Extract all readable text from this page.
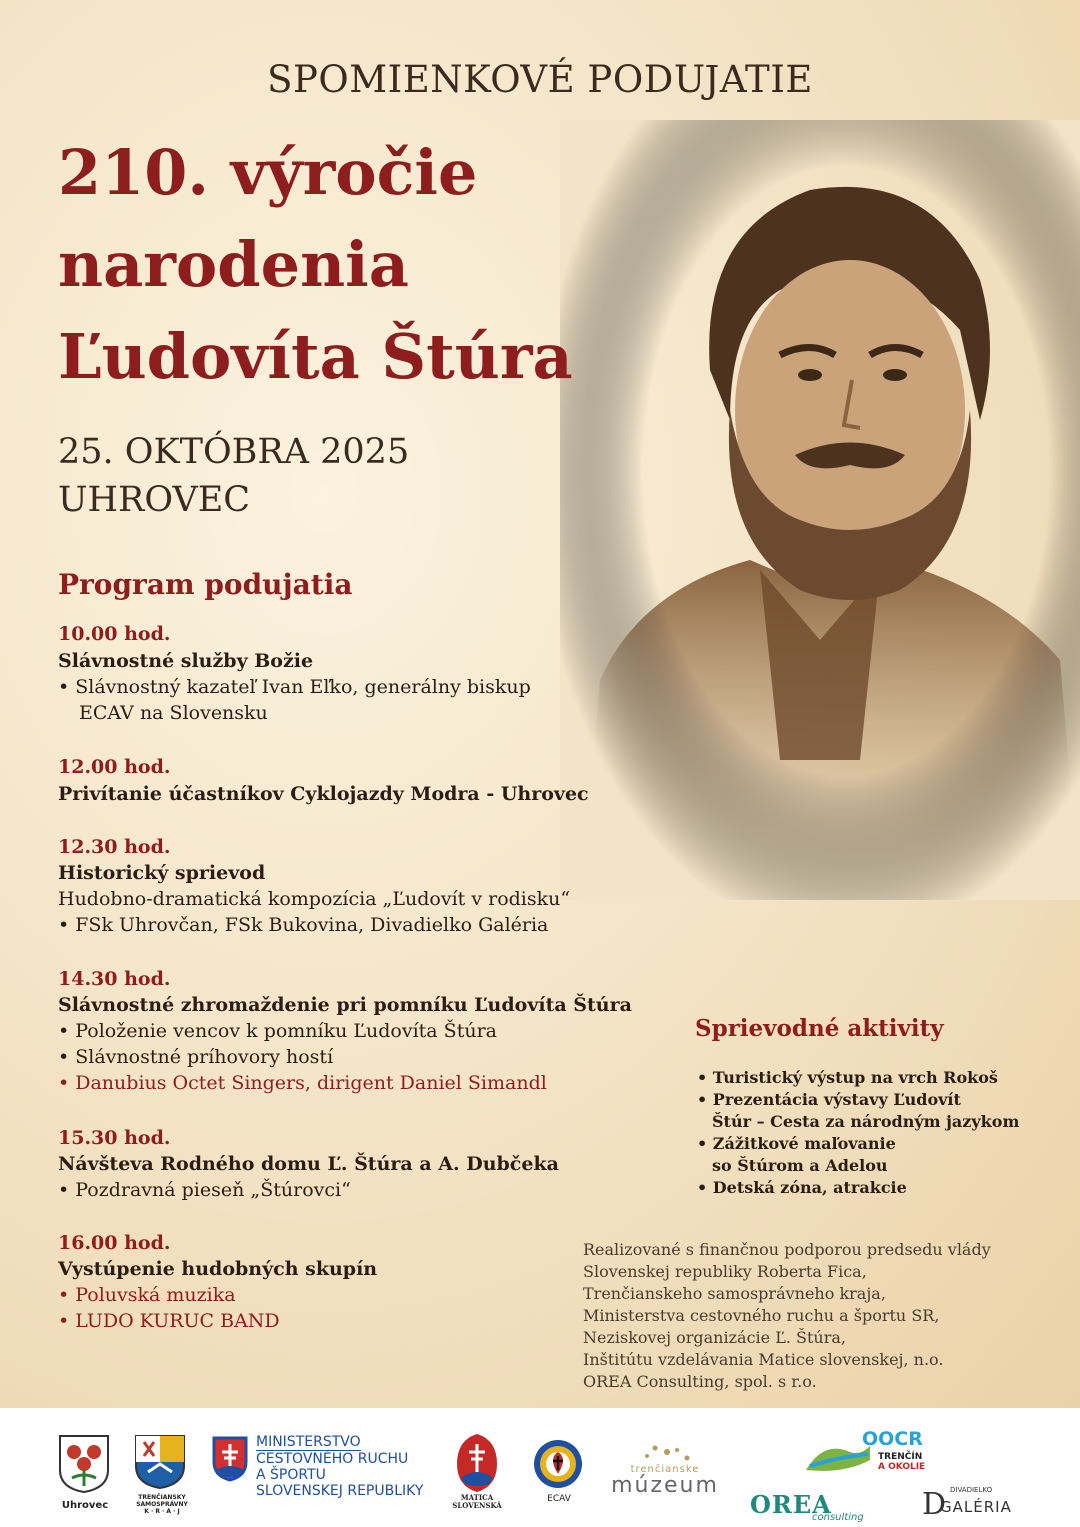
SPOMIENKOVÉ PODUJATIE

210. výročie

narodenia

Ľudovíta Štúra

25. OKTÓBRA 2025

UHROVEC

Program podujatia

10.00 hod.

Slávnostné služby Božie

• Slávnostný kazateľ Ivan Eľko, generálny biskup

ECAV na Slovensku

12.00 hod.

Privítanie účastníkov Cyklojazdy Modra - Uhrovec

12.30 hod.

Historický sprievod

Hudobno-dramatická kompozícia „Ľudovít v rodisku“

• FSk Uhrovčan, FSk Bukovina, Divadielko Galéria

14.30 hod.

Slávnostné zhromaždenie pri pomníku Ľudovíta Štúra

• Položenie vencov k pomníku Ľudovíta Štúra

• Slávnostné príhovory hostí

• Danubius Octet Singers, dirigent Daniel Simandl

15.30 hod.

Návšteva Rodného domu Ľ. Štúra a A. Dubčeka

• Pozdravná pieseň „Štúrovci“

16.00 hod.

Vystúpenie hudobných skupín

• Poluvská muzika

• LUDO KURUC BAND

Sprievodné aktivity

• Turistický výstup na vrch Rokoš

• Prezentácia výstavy Ľudovít

Štúr – Cesta za národným jazykom

• Zážitkové maľovanie

so Štúrom a Adelou

• Detská zóna, atrakcie

Realizované s finančnou podporou predsedu vlády

Slovenskej republiky Roberta Fica,

Trenčianskeho samosprávneho kraja,

Ministerstva cestovného ruchu a športu SR,

Neziskovej organizácie Ľ. Štúra,

Inštitútu vzdelávania Matice slovenskej, n.o.

OREA Consulting, spol. s r.o.

Uhrovec
TRENČIANSKY
SAMOSPRÁVNY
K · R · A · J
MINISTERSTVO
CESTOVNÉHO RUCHU
A ŠPORTU
SLOVENSKEJ REPUBLIKY	MATICA
SLOVENSKÁ
ECAV
trenčianske
múzeum
OOCR
TRENČÍN
A OKOLIE
OREA
consulting D DIVADIELKO
GALÉRIA
